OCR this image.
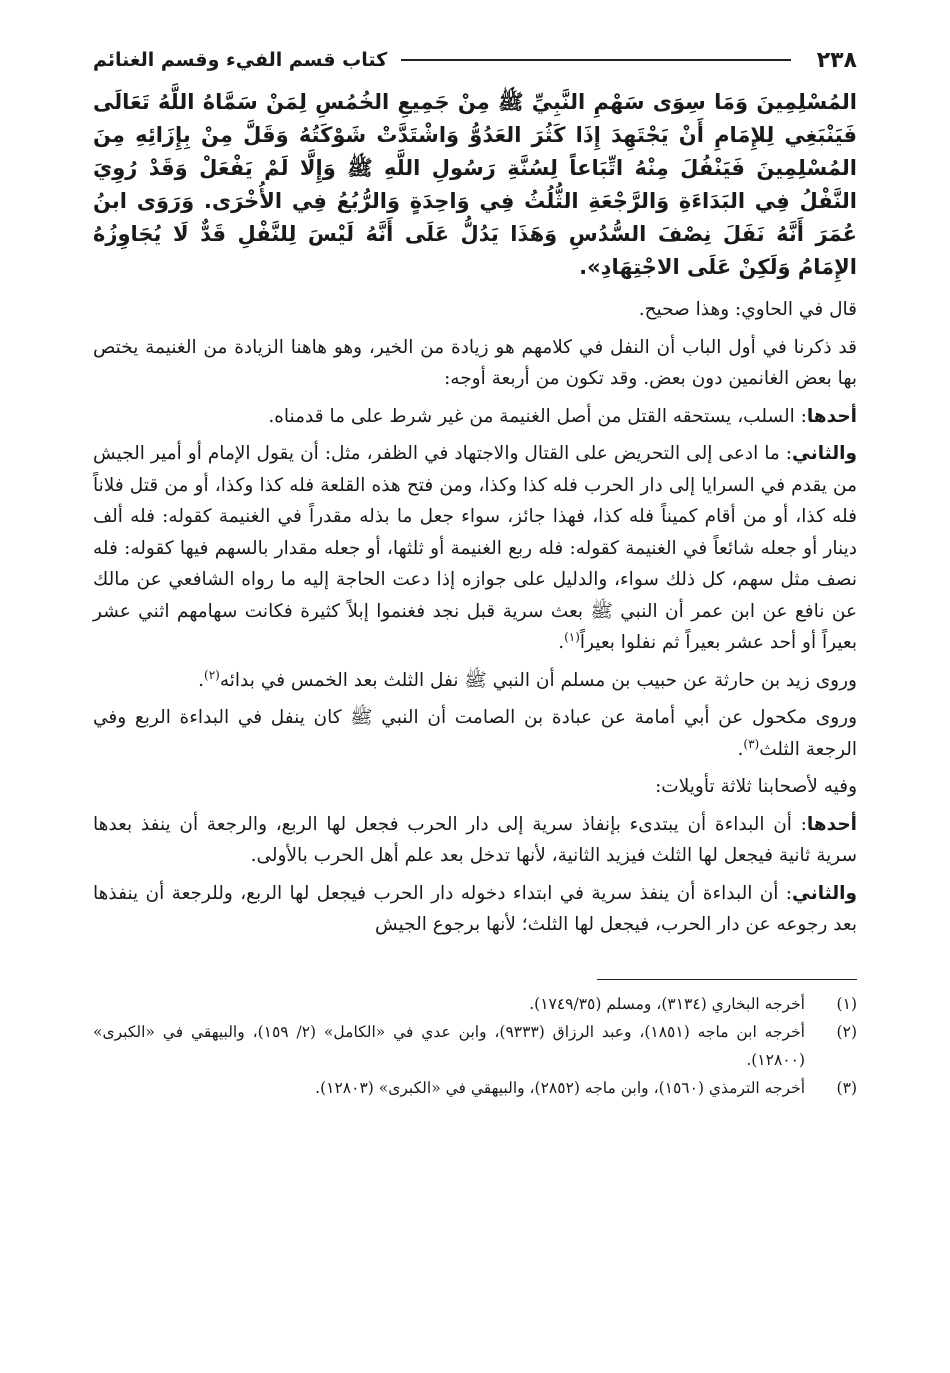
٢٣٨
كتاب قسم الفيء وقسم الغنائم

المُسْلِمِينَ وَمَا سِوَى سَهْمِ النَّبِيِّ ﷺ مِنْ جَمِيعِ الخُمُسِ لِمَنْ سَمَّاهُ اللَّهُ تَعَالَى فَيَنْبَغِي لِلإِمَامِ أَنْ يَجْتَهِدَ إِذَا كَثُرَ العَدُوُّ وَاشْتَدَّتْ شَوْكَتُهُ وَقَلَّ مِنْ بِإِزَائِهِ مِنَ المُسْلِمِينَ فَيَنْفُلَ مِنْهُ اتِّبَاعاً لِسُنَّةِ رَسُولِ اللَّهِ ﷺ وَإِلَّا لَمْ يَفْعَلْ وَقَدْ رُوِيَ النَّفْلُ فِي البَدَاءَةِ وَالرَّجْعَةِ الثُّلُثُ فِي وَاحِدَةٍ وَالرُّبُعُ فِي الأُخْرَى. وَرَوَى ابنُ عُمَرَ أَنَّهُ نَفَلَ نِصْفَ السُّدُسِ وَهَذَا يَدُلُّ عَلَى أَنَّهُ لَيْسَ لِلنَّفْلِ قَدٌّ لَا يُجَاوِزُهُ الإِمَامُ وَلَكِنْ عَلَى الاجْتِهَادِ».

قال في الحاوي: وهذا صحيح.

قد ذكرنا في أول الباب أن النفل في كلامهم هو زيادة من الخير، وهو هاهنا الزيادة من الغنيمة يختص بها بعض الغانمين دون بعض. وقد تكون من أربعة أوجه:

أحدها: السلب، يستحقه القتل من أصل الغنيمة من غير شرط على ما قدمناه.

والثاني: ما ادعى إلى التحريض على القتال والاجتهاد في الظفر، مثل: أن يقول الإمام أو أمير الجيش من يقدم في السرايا إلى دار الحرب فله كذا وكذا، ومن فتح هذه القلعة فله كذا وكذا، أو من قتل فلاناً فله كذا، أو من أقام كميناً فله كذا، فهذا جائز، سواء جعل ما بذله مقدراً في الغنيمة كقوله: فله ألف دينار أو جعله شائعاً في الغنيمة كقوله: فله ربع الغنيمة أو ثلثها، أو جعله مقدار بالسهم فيها كقوله: فله نصف مثل سهم، كل ذلك سواء، والدليل على جوازه إذا دعت الحاجة إليه ما رواه الشافعي عن مالك عن نافع عن ابن عمر أن النبي ﷺ بعث سرية قبل نجد فغنموا إبلاً كثيرة فكانت سهامهم اثني عشر بعيراً أو أحد عشر بعيراً ثم نفلوا بعيراً$^{(١)}$.

وروى زيد بن حارثة عن حبيب بن مسلم أن النبي ﷺ نفل الثلث بعد الخمس في بدائه$^{(٢)}$.

وروى مكحول عن أبي أمامة عن عبادة بن الصامت أن النبي ﷺ كان ينفل في البداءة الربع وفي الرجعة الثلث$^{(٣)}$.

وفيه لأصحابنا ثلاثة تأويلات:

أحدها: أن البداءة أن يبتدىء بإنفاذ سرية إلى دار الحرب فجعل لها الربع، والرجعة أن ينفذ بعدها سرية ثانية فيجعل لها الثلث فيزيد الثانية، لأنها تدخل بعد علم أهل الحرب بالأولى.

والثاني: أن البداءة أن ينفذ سرية في ابتداء دخوله دار الحرب فيجعل لها الربع، وللرجعة أن ينفذها بعد رجوعه عن دار الحرب، فيجعل لها الثلث؛ لأنها برجوع الجيش

(١)
أخرجه البخاري (٣١٣٤)، ومسلم (١٧٤٩/٣٥).
(٢)
أخرجه ابن ماجه (١٨٥١)، وعبد الرزاق (٩٣٣٣)، وابن عدي في «الكامل» (٢/ ١٥٩)، والبيهقي في «الكبرى» (١٢٨٠٠).
(٣)
أخرجه الترمذي (١٥٦٠)، وابن ماجه (٢٨٥٢)، والبيهقي في «الكبرى» (١٢٨٠٣).
